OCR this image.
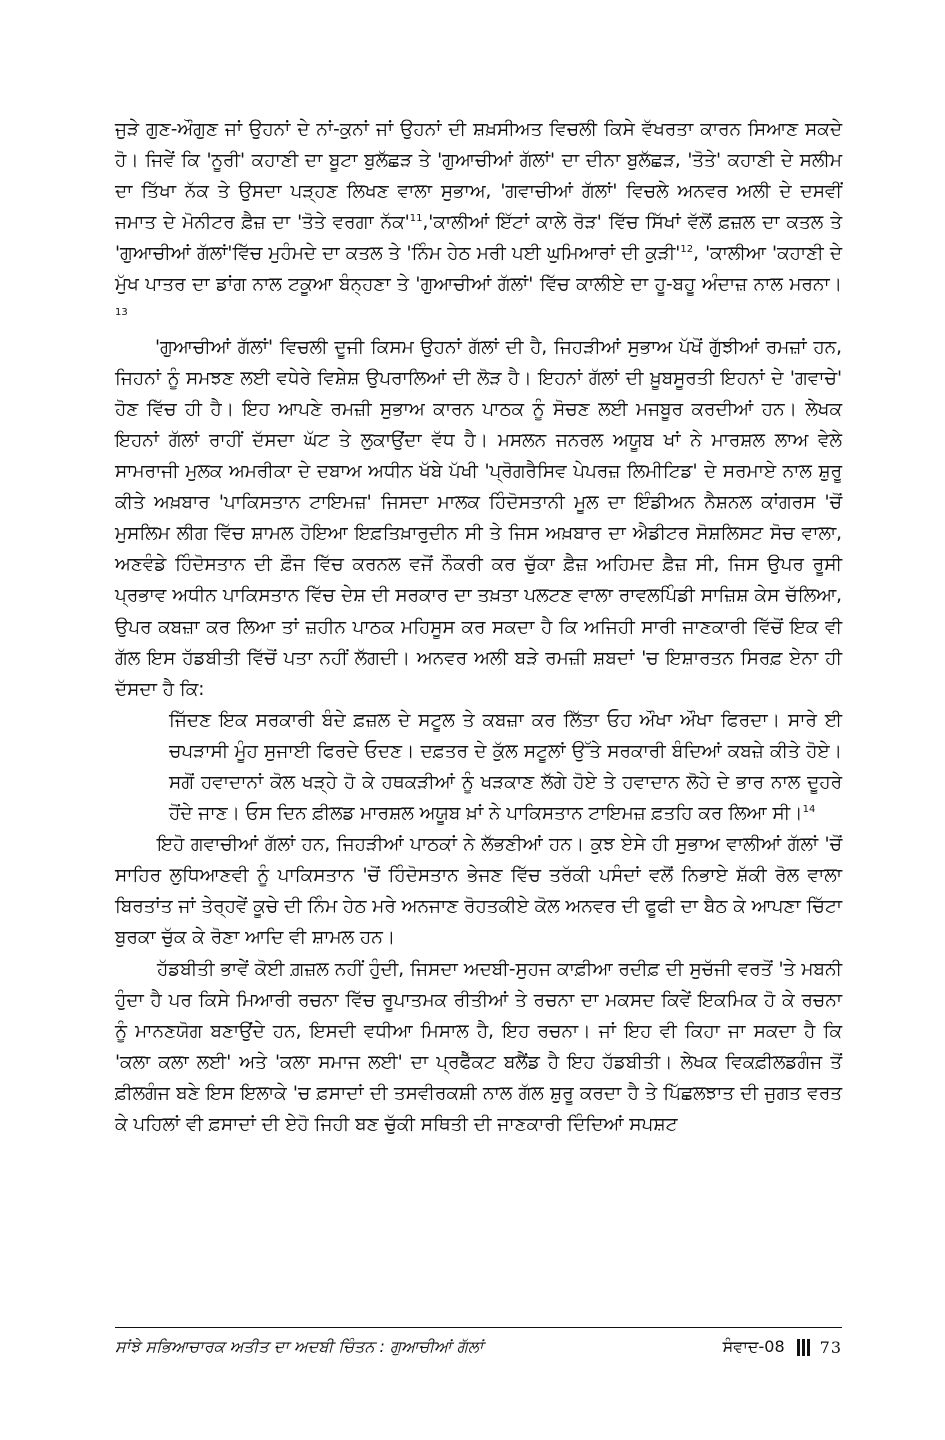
ਜੁੜੇ ਗੁਣ-ਔਗੁਣ ਜਾਂ ਉਹਨਾਂ ਦੇ ਨਾਂ-ਕੁਨਾਂ ਜਾਂ ਉਹਨਾਂ ਦੀ ਸ਼ਖ਼ਸੀਅਤ ਵਿਚਲੀ ਕਿਸੇ ਵੱਖਰਤਾ ਕਾਰਨ ਸਿਆਣ ਸਕਦੇ ਹੋ। ਜਿਵੇਂ ਕਿ 'ਨੂਰੀ' ਕਹਾਣੀ ਦਾ ਬੂਟਾ ਬੁਲੱਛੜ ਤੇ 'ਗੁਆਚੀਆਂ ਗੱਲਾਂ' ਦਾ ਦੀਨਾ ਬੁਲੱਛੜ, 'ਤੋਤੇ' ਕਹਾਣੀ ਦੇ ਸਲੀਮ ਦਾ ਤਿੱਖਾ ਨੱਕ ਤੇ ਉਸਦਾ ਪੜ੍ਹਣ ਲਿਖਣ ਵਾਲਾ ਸੁਭਾਅ, 'ਗਵਾਚੀਆਂ ਗੱਲਾਂ' ਵਿਚਲੇ ਅਨਵਰ ਅਲੀ ਦੇ ਦਸਵੀਂ ਜਮਾਤ ਦੇ ਮੋਨੀਟਰ ਫ਼ੈਜ਼ ਦਾ 'ਤੋਤੇ ਵਰਗਾ $ਨੱਕ'^{11},'ਕਾਲੀਆਂ$ ਇੱਟਾਂ ਕਾਲੇ ਰੋੜ' ਵਿੱਚ ਸਿੱਖਾਂ ਵੱਲੋਂ ਫ਼ਜ਼ਲ ਦਾ ਕਤਲ ਤੇ 'ਗੁਆਚੀਆਂ ਗੱਲਾਂ'ਵਿੱਚ ਮੁਹੰਮਦੇ ਦਾ ਕਤਲ ਤੇ 'ਨਿੰਮ ਹੇਠ ਮਰੀ ਪਈ ਘੁਮਿਆਰਾਂ ਦੀ $ਕੁੜੀ'^{12}$, 'ਕਾਲੀਆ 'ਕਹਾਣੀ ਦੇ ਮੁੱਖ ਪਾਤਰ ਦਾ ਡਾਂਗ ਨਾਲ ਟਕੂਆ ਬੰਨ੍ਹਣਾ ਤੇ 'ਗੁਆਚੀਆਂ ਗੱਲਾਂ' ਵਿੱਚ ਕਾਲੀਏ ਦਾ ਹੂ-ਬਹੂ ਅੰਦਾਜ਼ ਨਾਲ ਮਰਨਾ।$^{13}$

'ਗੁਆਚੀਆਂ ਗੱਲਾਂ' ਵਿਚਲੀ ਦੂਜੀ ਕਿਸਮ ਉਹਨਾਂ ਗੱਲਾਂ ਦੀ ਹੈ, ਜਿਹੜੀਆਂ ਸੁਭਾਅ ਪੱਖੋਂ ਗੁੱਝੀਆਂ ਰਮਜ਼ਾਂ ਹਨ, ਜਿਹਨਾਂ ਨੂੰ ਸਮਝਣ ਲਈ ਵਧੇਰੇ ਵਿਸ਼ੇਸ਼ ਉਪਰਾਲਿਆਂ ਦੀ ਲੋੜ ਹੈ। ਇਹਨਾਂ ਗੱਲਾਂ ਦੀ ਖ਼ੂਬਸੂਰਤੀ ਇਹਨਾਂ ਦੇ 'ਗਵਾਚੇ' ਹੋਣ ਵਿੱਚ ਹੀ ਹੈ। ਇਹ ਆਪਣੇ ਰਮਜ਼ੀ ਸੁਭਾਅ ਕਾਰਨ ਪਾਠਕ ਨੂੰ ਸੋਚਣ ਲਈ ਮਜਬੂਰ ਕਰਦੀਆਂ ਹਨ। ਲੇਖਕ ਇਹਨਾਂ ਗੱਲਾਂ ਰਾਹੀਂ ਦੱਸਦਾ ਘੱਟ ਤੇ ਲੁਕਾਉਂਦਾ ਵੱਧ ਹੈ। ਮਸਲਨ ਜਨਰਲ ਅਯੂਬ ਖਾਂ ਨੇ ਮਾਰਸ਼ਲ ਲਾਅ ਵੇਲੇ ਸਾਮਰਾਜੀ ਮੁਲਕ ਅਮਰੀਕਾ ਦੇ ਦਬਾਅ ਅਧੀਨ ਖੱਬੇ ਪੱਖੀ 'ਪ੍ਰੋਗਰੈਸਿਵ ਪੇਪਰਜ਼ ਲਿਮੀਟਿਡ' ਦੇ ਸਰਮਾਏ ਨਾਲ ਸ਼ੁਰੂ ਕੀਤੇ ਅਖ਼ਬਾਰ 'ਪਾਕਿਸਤਾਨ ਟਾਇਮਜ਼' ਜਿਸਦਾ ਮਾਲਕ ਹਿੰਦੋਸਤਾਨੀ ਮੂਲ ਦਾ ਇੰਡੀਅਨ ਨੈਸ਼ਨਲ ਕਾਂਗਰਸ 'ਚੋਂ ਮੁਸਲਿਮ ਲੀਗ ਵਿੱਚ ਸ਼ਾਮਲ ਹੋਇਆ ਇਫ਼ਤਿਖ਼ਾਰੁਦੀਨ ਸੀ ਤੇ ਜਿਸ ਅਖ਼ਬਾਰ ਦਾ ਐਡੀਟਰ ਸੋਸ਼ਲਿਸਟ ਸੋਚ ਵਾਲਾ, ਅਣਵੰਡੇ ਹਿੰਦੋਸਤਾਨ ਦੀ ਫ਼ੌਜ ਵਿੱਚ ਕਰਨਲ ਵਜੋਂ ਨੌਕਰੀ ਕਰ ਚੁੱਕਾ ਫ਼ੈਜ਼ ਅਹਿਮਦ ਫ਼ੈਜ਼ ਸੀ, ਜਿਸ ਉਪਰ ਰੂਸੀ ਪ੍ਰਭਾਵ ਅਧੀਨ ਪਾਕਿਸਤਾਨ ਵਿੱਚ ਦੇਸ਼ ਦੀ ਸਰਕਾਰ ਦਾ ਤਖ਼ਤਾ ਪਲਟਣ ਵਾਲਾ ਰਾਵਲਪਿੰਡੀ ਸਾਜ਼ਿਸ਼ ਕੇਸ ਚੱਲਿਆ, ਉਪਰ ਕਬਜ਼ਾ ਕਰ ਲਿਆ ਤਾਂ ਜ਼ਹੀਨ ਪਾਠਕ ਮਹਿਸੂਸ ਕਰ ਸਕਦਾ ਹੈ ਕਿ ਅਜਿਹੀ ਸਾਰੀ ਜਾਣਕਾਰੀ ਵਿੱਚੋਂ ਇਕ ਵੀ ਗੱਲ ਇਸ ਹੱਡਬੀਤੀ ਵਿੱਚੋਂ ਪਤਾ ਨਹੀਂ ਲੱਗਦੀ। ਅਨਵਰ ਅਲੀ ਬੜੇ ਰਮਜ਼ੀ ਸ਼ਬਦਾਂ 'ਚ ਇਸ਼ਾਰਤਨ ਸਿਰਫ਼ ਏਨਾ ਹੀ ਦੱਸਦਾ ਹੈ ਕਿ:

ਜਿੱਦਣ ਇਕ ਸਰਕਾਰੀ ਬੰਦੇ ਫ਼ਜ਼ਲ ਦੇ ਸਟੂਲ ਤੇ ਕਬਜ਼ਾ ਕਰ ਲਿੱਤਾ ਓਹ ਔਖਾ ਔਖਾ ਫਿਰਦਾ। ਸਾਰੇ ਈ ਚਪੜਾਸੀ ਮੂੰਹ ਸੁਜਾਈ ਫਿਰਦੇ ਓਦਣ। ਦਫ਼ਤਰ ਦੇ ਕੁੱਲ ਸਟੂਲਾਂ ਉੱਤੇ ਸਰਕਾਰੀ ਬੰਦਿਆਂ ਕਬਜ਼ੇ ਕੀਤੇ ਹੋਏ। ਸਗੋਂ ਹਵਾਦਾਨਾਂ ਕੋਲ ਖੜ੍ਹੇ ਹੋ ਕੇ ਹਥਕੜੀਆਂ ਨੂੰ ਖੜਕਾਣ ਲੱਗੇ ਹੋਏ ਤੇ ਹਵਾਦਾਨ ਲੋਹੇ ਦੇ ਭਾਰ ਨਾਲ ਦੂਹਰੇ ਹੋਂਦੇ ਜਾਣ। ਓਸ ਦਿਨ ਫ਼ੀਲਡ ਮਾਰਸ਼ਲ ਅਯੂਬ ਖ਼ਾਂ ਨੇ ਪਾਕਿਸਤਾਨ ਟਾਇਮਜ਼ ਫ਼ਤਹਿ ਕਰ ਲਿਆ ਸੀ।$^{14}$

ਇਹੋ ਗਵਾਚੀਆਂ ਗੱਲਾਂ ਹਨ, ਜਿਹੜੀਆਂ ਪਾਠਕਾਂ ਨੇ ਲੱਭਣੀਆਂ ਹਨ। ਕੁਝ ਏਸੇ ਹੀ ਸੁਭਾਅ ਵਾਲੀਆਂ ਗੱਲਾਂ 'ਚੋਂ ਸਾਹਿਰ ਲੁਧਿਆਣਵੀ ਨੂੰ ਪਾਕਿਸਤਾਨ 'ਚੋਂ ਹਿੰਦੋਸਤਾਨ ਭੇਜਣ ਵਿੱਚ ਤਰੱਕੀ ਪਸੰਦਾਂ ਵਲੋਂ ਨਿਭਾਏ ਸ਼ੱਕੀ ਰੋਲ ਵਾਲਾ ਬਿਰਤਾਂਤ ਜਾਂ ਤੇਰ੍ਹਵੇਂ ਕੂਚੇ ਦੀ ਨਿੰਮ ਹੇਠ ਮਰੇ ਅਨਜਾਣ ਰੋਹਤਕੀਏ ਕੋਲ ਅਨਵਰ ਦੀ ਫੂਫੀ ਦਾ ਬੈਠ ਕੇ ਆਪਣਾ ਚਿੱਟਾ ਬੁਰਕਾ ਚੁੱਕ ਕੇ ਰੋਣਾ ਆਦਿ ਵੀ ਸ਼ਾਮਲ ਹਨ।

ਹੱਡਬੀਤੀ ਭਾਵੇਂ ਕੋਈ ਗ਼ਜ਼ਲ ਨਹੀਂ ਹੁੰਦੀ, ਜਿਸਦਾ ਅਦਬੀ-ਸੁਹਜ ਕਾਫ਼ੀਆ ਰਦੀਫ਼ ਦੀ ਸੁਚੱਜੀ ਵਰਤੋਂ 'ਤੇ ਮਬਨੀ ਹੁੰਦਾ ਹੈ ਪਰ ਕਿਸੇ ਮਿਆਰੀ ਰਚਨਾ ਵਿੱਚ ਰੂਪਾਤਮਕ ਰੀਤੀਆਂ ਤੇ ਰਚਨਾ ਦਾ ਮਕਸਦ ਕਿਵੇਂ ਇਕਮਿਕ ਹੋ ਕੇ ਰਚਨਾ ਨੂੰ ਮਾਨਣਯੋਗ ਬਣਾਉਂਦੇ ਹਨ, ਇਸਦੀ ਵਧੀਆ ਮਿਸਾਲ ਹੈ, ਇਹ ਰਚਨਾ। ਜਾਂ ਇਹ ਵੀ ਕਿਹਾ ਜਾ ਸਕਦਾ ਹੈ ਕਿ 'ਕਲਾ ਕਲਾ ਲਈ' ਅਤੇ 'ਕਲਾ ਸਮਾਜ ਲਈ' ਦਾ ਪ੍ਰਫੈੱਕਟ ਬਲੈਂਡ ਹੈ ਇਹ ਹੱਡਬੀਤੀ। ਲੇਖਕ ਵਿਕਫ਼ੀਲਡਗੰਜ ਤੋਂ ਫ਼ੀਲਗੰਜ ਬਣੇ ਇਸ ਇਲਾਕੇ 'ਚ ਫ਼ਸਾਦਾਂ ਦੀ ਤਸਵੀਰਕਸ਼ੀ ਨਾਲ ਗੱਲ ਸ਼ੁਰੂ ਕਰਦਾ ਹੈ ਤੇ ਪਿੱਛਲਝਾਤ ਦੀ ਜੁਗਤ ਵਰਤ ਕੇ ਪਹਿਲਾਂ ਵੀ ਫ਼ਸਾਦਾਂ ਦੀ ਏਹੋ ਜਿਹੀ ਬਣ ਚੁੱਕੀ ਸਥਿਤੀ ਦੀ ਜਾਣਕਾਰੀ ਦਿੰਦਿਆਂ ਸਪਸ਼ਟ

ਸਾਂਝੇ ਸਭਿਆਚਾਰਕ ਅਤੀਤ ਦਾ ਅਦਬੀ ਚਿੰਤਨ : ਗੁਆਚੀਆਂ ਗੱਲਾਂ	ਸੰਵਾਦ-08 73
